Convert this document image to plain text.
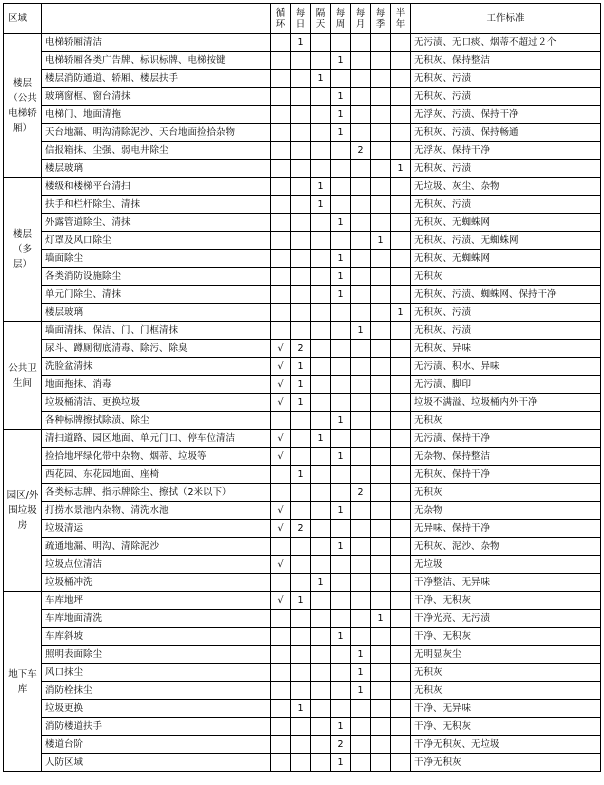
区域		循环	每日	隔天	每周	每月	每季	半年	工作标准
楼层（公共电梯轿厢）	电梯轿厢清洁		1						无污渍、无口痰、烟蒂不超过２个
	电梯轿厢各类广告牌、标识标牌、电梯按键				1				无积灰、保持整洁
	楼层消防通道、轿厢、楼层扶手			1					无积灰、污渍
	玻璃窗框、窗台清抹				1				无积灰、污渍
	电梯门、地面清拖				1				无浮灰、污渍、保持干净
	天台地漏、明沟清除泥沙、天台地面捡拾杂物				1				无积灰、污渍、保持畅通
	信报箱抹、尘强、弱电井除尘					2			无浮灰、保持干净
	楼层玻璃							1	无积灰、污渍
楼层（多层）	楼级和楼梯平台清扫			1					无垃圾、灰尘、杂物
	扶手和栏杆除尘、清抹			1					无积灰、污渍
	外露管道除尘、清抹				1				无积灰、无蜘蛛网
	灯罩及风口除尘						1		无积灰、污渍、无蜘蛛网
	墙面除尘				1				无积灰、无蜘蛛网
	各类消防设施除尘				1				无积灰
	单元门除尘、清抹				1				无积灰、污渍、蜘蛛网、保持干净
	楼层玻璃							1	无积灰、污渍
公共卫生间	墙面清抹、保洁、门、门框清抹					1			无积灰、污渍
	尿斗、蹲厕彻底清毒、除污、除臭	√	2						无积灰、异味
	洗脸盆清抹	√	1						无污渍、积水、异味
	地面拖抹、消毒	√	1						无污渍、脚印
	垃圾桶清洁、更换垃圾	√	1						垃圾不满溢、垃圾桶内外干净
	各种标牌擦拭除渍、除尘				1				无积灰
园区/外围垃圾房	清扫道路、园区地面、单元门口、停车位清洁	√		1					无污渍、保持干净
	捡拾地坪绿化带中杂物、烟蒂、垃圾等	√			1				无杂物、保持整洁
	西花园、东花园地面、座椅		1						无积灰、保持干净
	各类标志牌、指示牌除尘、擦拭（2米以下）					2			无积灰
	打捞水景池内杂物、清洗水池	√			1				无杂物
	垃圾清运	√	2						无异味、保持干净
	疏通地漏、明沟、清除泥沙				1				无积灰、泥沙、杂物
	垃圾点位清洁	√							无垃圾
	垃圾桶冲洗			1					干净整洁、无异味
地下车库	车库地坪	√	1						干净、无积灰
	车库地面清洗						1		干净光亮、无污渍
	车库斜坡				1				干净、无积灰
	照明表面除尘					1			无明显灰尘
	风口抹尘					1			无积灰
	消防栓抹尘					1			无积灰
	垃圾更换		1						干净、无异味
	消防楼道扶手				1				干净、无积灰
	楼道台阶				2				干净无积灰、无垃圾
	人防区域				1				干净无积灰
